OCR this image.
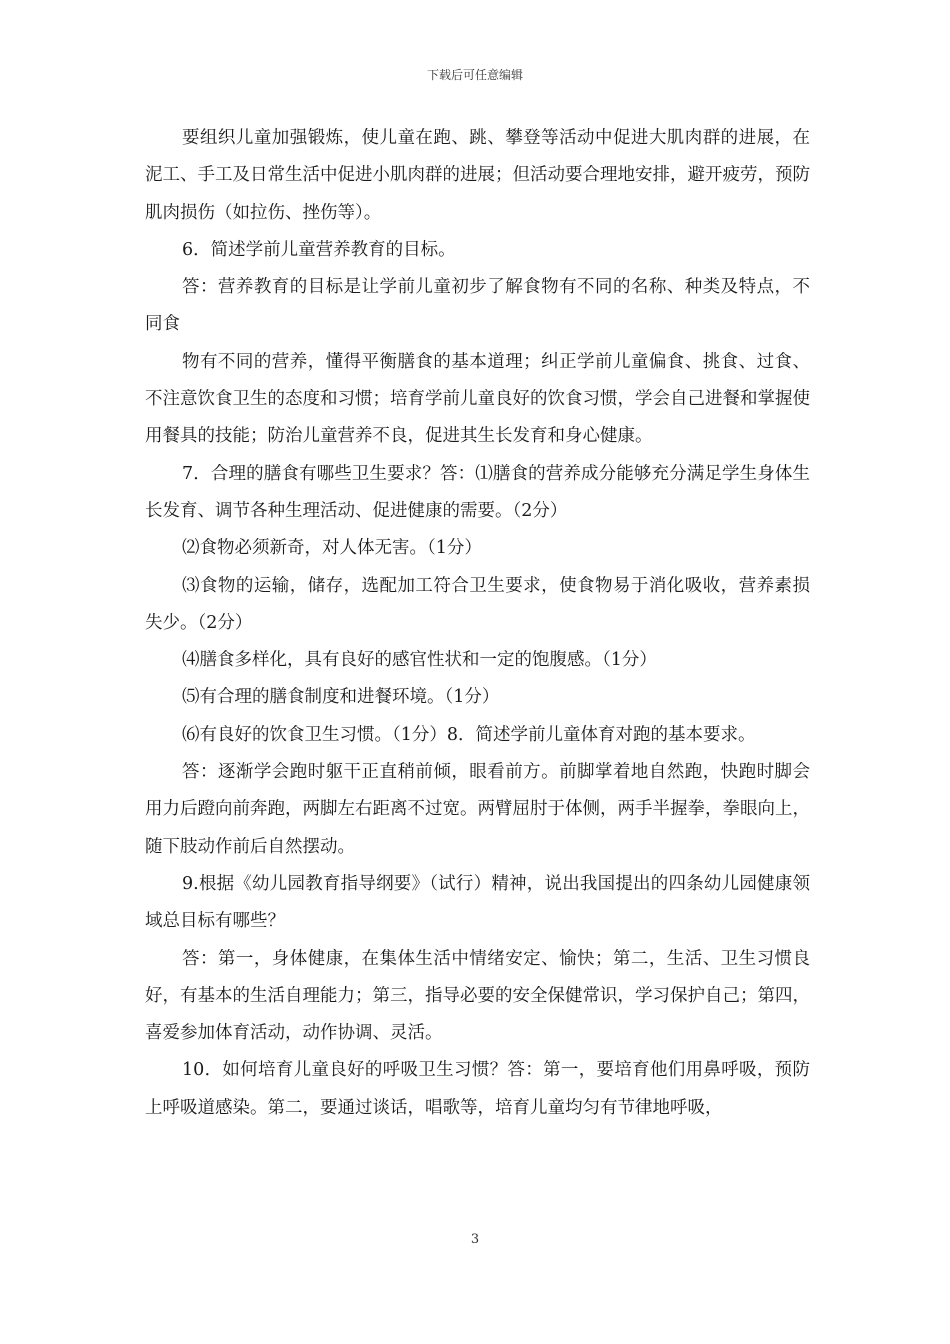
下载后可任意编辑

要组织儿童加强锻炼，使儿童在跑、跳、攀登等活动中促进大肌肉群的进展，在泥工、手工及日常生活中促进小肌肉群的进展；但活动要合理地安排，避开疲劳，预防肌肉损伤（如拉伤、挫伤等）。

6．简述学前儿童营养教育的目标。

答：营养教育的目标是让学前儿童初步了解食物有不同的名称、种类及特点，不同食

物有不同的营养，懂得平衡膳食的基本道理；纠正学前儿童偏食、挑食、过食、不注意饮食卫生的态度和习惯；培育学前儿童良好的饮食习惯，学会自己进餐和掌握使用餐具的技能；防治儿童营养不良，促进其生长发育和身心健康。

7．合理的膳食有哪些卫生要求？答：⑴膳食的营养成分能够充分满足学生身体生长发育、调节各种生理活动、促进健康的需要。（2分）

⑵食物必须新奇，对人体无害。（1分）

⑶食物的运输，储存，选配加工符合卫生要求，使食物易于消化吸收，营养素损失少。（2分）

⑷膳食多样化，具有良好的感官性状和一定的饱腹感。（1分）

⑸有合理的膳食制度和进餐环境。（1分）

⑹有良好的饮食卫生习惯。（1分）8．简述学前儿童体育对跑的基本要求。

答：逐渐学会跑时躯干正直稍前倾，眼看前方。前脚掌着地自然跑，快跑时脚会用力后蹬向前奔跑，两脚左右距离不过宽。两臂屈肘于体侧，两手半握拳，拳眼向上，随下肢动作前后自然摆动。

9.根据《幼儿园教育指导纲要》（试行）精神，说出我国提出的四条幼儿园健康领域总目标有哪些？

答：第一，身体健康，在集体生活中情绪安定、愉快；第二，生活、卫生习惯良好，有基本的生活自理能力；第三，指导必要的安全保健常识，学习保护自己；第四，喜爱参加体育活动，动作协调、灵活。

10．如何培育儿童良好的呼吸卫生习惯？答：第一，要培育他们用鼻呼吸，预防上呼吸道感染。第二，要通过谈话，唱歌等，培育儿童均匀有节律地呼吸，

3
